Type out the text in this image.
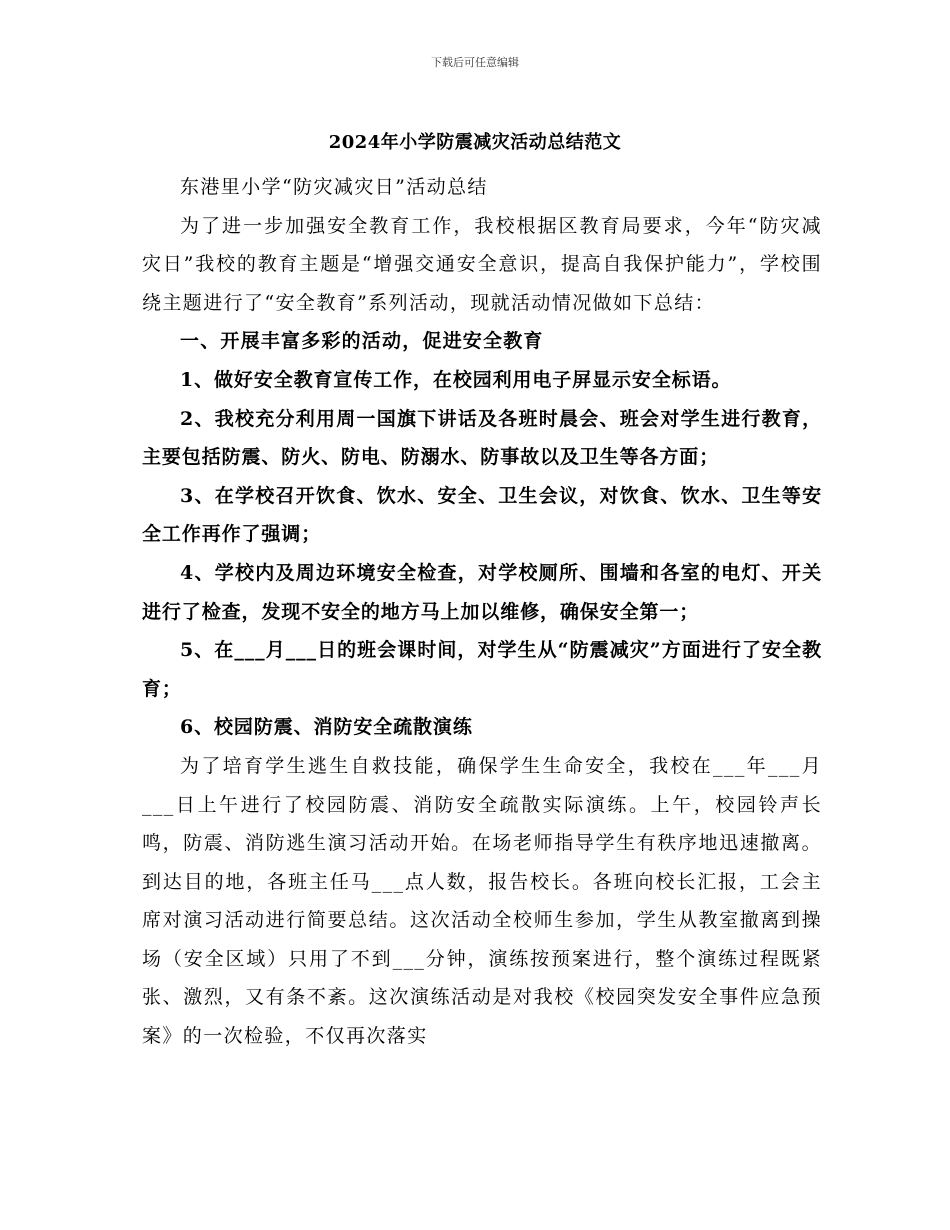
下载后可任意编辑
2024年小学防震减灾活动总结范文

东港里小学“防灾减灾日”活动总结

为了进一步加强安全教育工作，我校根据区教育局要求，今年“防灾减灾日”我校的教育主题是“增强交通安全意识，提高自我保护能力”，学校围绕主题进行了“安全教育”系列活动，现就活动情况做如下总结：

一、开展丰富多彩的活动，促进安全教育

1、做好安全教育宣传工作，在校园利用电子屏显示安全标语。

2、我校充分利用周一国旗下讲话及各班时晨会、班会对学生进行教育，主要包括防震、防火、防电、防溺水、防事故以及卫生等各方面；

3、在学校召开饮食、饮水、安全、卫生会议，对饮食、饮水、卫生等安全工作再作了强调；

4、学校内及周边环境安全检查，对学校厕所、围墙和各室的电灯、开关进行了检查，发现不安全的地方马上加以维修，确保安全第一；

5、在___月___日的班会课时间，对学生从“防震减灾”方面进行了安全教育；

6、校园防震、消防安全疏散演练

为了培育学生逃生自救技能，确保学生生命安全，我校在___年___月___日上午进行了校园防震、消防安全疏散实际演练。上午，校园铃声长鸣，防震、消防逃生演习活动开始。在场老师指导学生有秩序地迅速撤离。到达目的地，各班主任马___点人数，报告校长。各班向校长汇报，工会主席对演习活动进行简要总结。这次活动全校师生参加，学生从教室撤离到操场（安全区域）只用了不到___分钟，演练按预案进行，整个演练过程既紧张、激烈，又有条不紊。这次演练活动是对我校《校园突发安全事件应急预案》的一次检验，不仅再次落实
